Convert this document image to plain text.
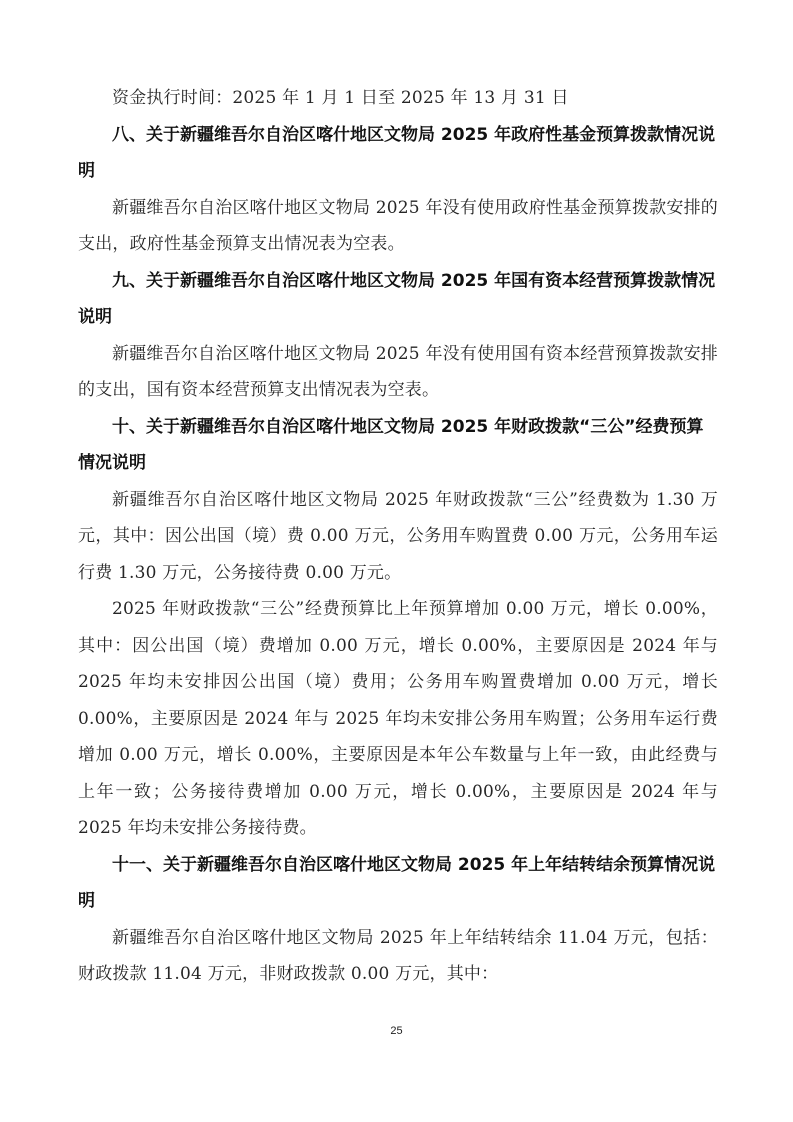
资金执行时间：2025 年 1 月 1 日至 2025 年 13 月 31 日

八、关于新疆维吾尔自治区喀什地区文物局 2025 年政府性基金预算拨款情况说明

新疆维吾尔自治区喀什地区文物局 2025 年没有使用政府性基金预算拨款安排的支出，政府性基金预算支出情况表为空表。

九、关于新疆维吾尔自治区喀什地区文物局 2025 年国有资本经营预算拨款情况说明

新疆维吾尔自治区喀什地区文物局 2025 年没有使用国有资本经营预算拨款安排的支出，国有资本经营预算支出情况表为空表。

十、关于新疆维吾尔自治区喀什地区文物局 2025 年财政拨款“三公”经费预算情况说明

新疆维吾尔自治区喀什地区文物局 2025 年财政拨款“三公”经费数为 1.30 万元，其中：因公出国（境）费 0.00 万元，公务用车购置费 0.00 万元，公务用车运行费 1.30 万元，公务接待费 0.00 万元。

2025 年财政拨款“三公”经费预算比上年预算增加 0.00 万元，增长 0.00%，其中：因公出国（境）费增加 0.00 万元，增长 0.00%，主要原因是 2024 年与 2025 年均未安排因公出国（境）费用；公务用车购置费增加 0.00 万元，增长 0.00%，主要原因是 2024 年与 2025 年均未安排公务用车购置；公务用车运行费增加 0.00 万元，增长 0.00%，主要原因是本年公车数量与上年一致，由此经费与上年一致；公务接待费增加 0.00 万元，增长 0.00%，主要原因是 2024 年与 2025 年均未安排公务接待费。

十一、关于新疆维吾尔自治区喀什地区文物局 2025 年上年结转结余预算情况说明

新疆维吾尔自治区喀什地区文物局 2025 年上年结转结余 11.04 万元，包括：财政拨款 11.04 万元，非财政拨款 0.00 万元，其中：

25
